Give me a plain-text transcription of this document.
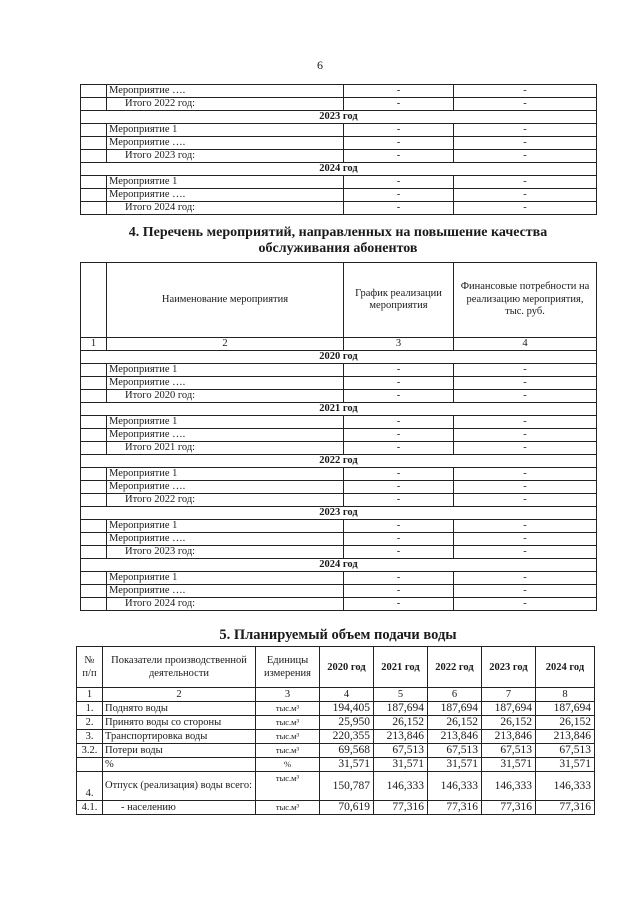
6
	Мероприятие ….	-	-
	Итого 2022 год:	-	-
2023 год			
	Мероприятие 1	-	-
	Мероприятие ….	-	-
	Итого 2023 год:	-	-
2024 год			
	Мероприятие 1	-	-
	Мероприятие ….	-	-
	Итого 2024 год:	-	-
4. Перечень мероприятий, направленных на повышение качества
обслуживания абонентов
	Наименование мероприятия	График реализации мероприятия	Финансовые потребности на реализацию мероприятия, тыс. руб.
1	2	3	4
2020 год			
	Мероприятие 1	-	-
	Мероприятие ….	-	-
	Итого 2020 год:	-	-
2021 год			
	Мероприятие 1	-	-
	Мероприятие ….	-	-
	Итого 2021 год:	-	-
2022 год			
	Мероприятие 1	-	-
	Мероприятие ….	-	-
	Итого 2022 год:	-	-
2023 год			
	Мероприятие 1	-	-
	Мероприятие ….	-	-
	Итого 2023 год:	-	-
2024 год			
	Мероприятие 1	-	-
	Мероприятие ….	-	-
	Итого 2024 год:	-	-
5. Планируемый объем подачи воды
№ п/п	Показатели производственной деятельности	Единицы измерения	2020 год	2021 год	2022 год	2023 год	2024 год
1	2	3	4	5	6	7	8
1.	Поднято воды	тыс.м³	194,405	187,694	187,694	187,694	187,694
2.	Принято воды со стороны	тыс.м³	25,950	26,152	26,152	26,152	26,152
3.	Транспортировка воды	тыс.м³	220,355	213,846	213,846	213,846	213,846
3.2.	Потери воды	тыс.м³	69,568	67,513	67,513	67,513	67,513
	%	%	31,571	31,571	31,571	31,571	31,571
4.	Отпуск (реализация) воды всего:	тыс.м³	150,787	146,333	146,333	146,333	146,333
4.1.	- населению	тыс.м³	70,619	77,316	77,316	77,316	77,316
